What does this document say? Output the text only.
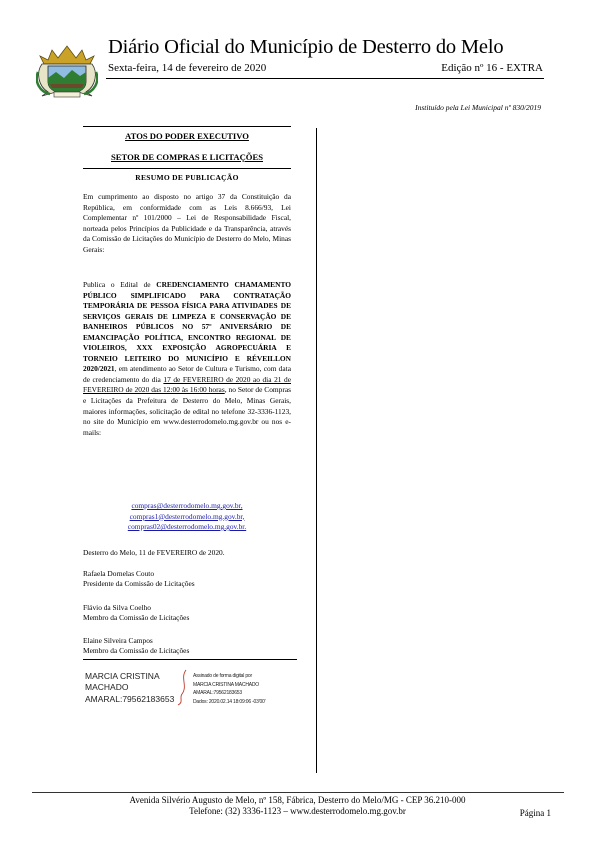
Diário Oficial do Município de Desterro do Melo
Sexta-feira, 14 de fevereiro de 2020	Edição nº 16 - EXTRA
Instituído pela Lei Municipal nº 830/2019
ATOS DO PODER EXECUTIVO
SETOR DE COMPRAS E LICITAÇÕES
RESUMO DE PUBLICAÇÃO
Em cumprimento ao disposto no artigo 37 da Constituição da República, em conformidade com as Leis 8.666/93, Lei Complementar nº 101/2000 – Lei de Responsabilidade Fiscal, norteada pelos Princípios da Publicidade e da Transparência, através da Comissão de Licitações do Município de Desterro do Melo, Minas Gerais:
Publica o Edital de CREDENCIAMENTO CHAMAMENTO PÚBLICO SIMPLIFICADO PARA CONTRATAÇÃO TEMPORÁRIA DE PESSOA FÍSICA PARA ATIVIDADES DE SERVIÇOS GERAIS DE LIMPEZA E CONSERVAÇÃO DE BANHEIROS PÚBLICOS NO 57º ANIVERSÁRIO DE EMANCIPAÇÃO POLÍTICA, ENCONTRO REGIONAL DE VIOLEIROS, XXX EXPOSIÇÃO AGROPECUÁRIA E TORNEIO LEITEIRO DO MUNICÍPIO E RÉVEILLON 2020/2021, em atendimento ao Setor de Cultura e Turismo, com data de credenciamento do dia 17 de FEVEREIRO de 2020 ao dia 21 de FEVEREIRO de 2020 das 12:00 às 16:00 horas, no Setor de Compras e Licitações da Prefeitura de Desterro do Melo, Minas Gerais, maiores informações, solicitação de edital no telefone 32-3336-1123, no site do Município em www.desterrodomelo.mg.gov.br ou nos e-mails:
compras@desterrodomelo.mg.gov.br,
compras1@desterrodomelo.mg.gov.br,
compras02@desterrodomelo.mg.gov.br.
Desterro do Melo, 11 de FEVEREIRO de 2020.
Rafaela Dornelas Couto
Presidente da Comissão de Licitações
Flávio da Silva Coelho
Membro da Comissão de Licitações
Elaine Silveira Campos
Membro da Comissão de Licitações
MARCIA CRISTINA
MACHADO
AMARAL:79562183653
Assinado de forma digital por
MARCIA CRISTINA MACHADO
AMARAL:79562183653
Dados: 2020.02.14 18:09:06 -03'00'
Avenida Silvério Augusto de Melo, nº 158, Fábrica, Desterro do Melo/MG - CEP 36.210-000
Telefone: (32) 3336-1123 – www.desterrodomelo.mg.gov.br	Página 1
